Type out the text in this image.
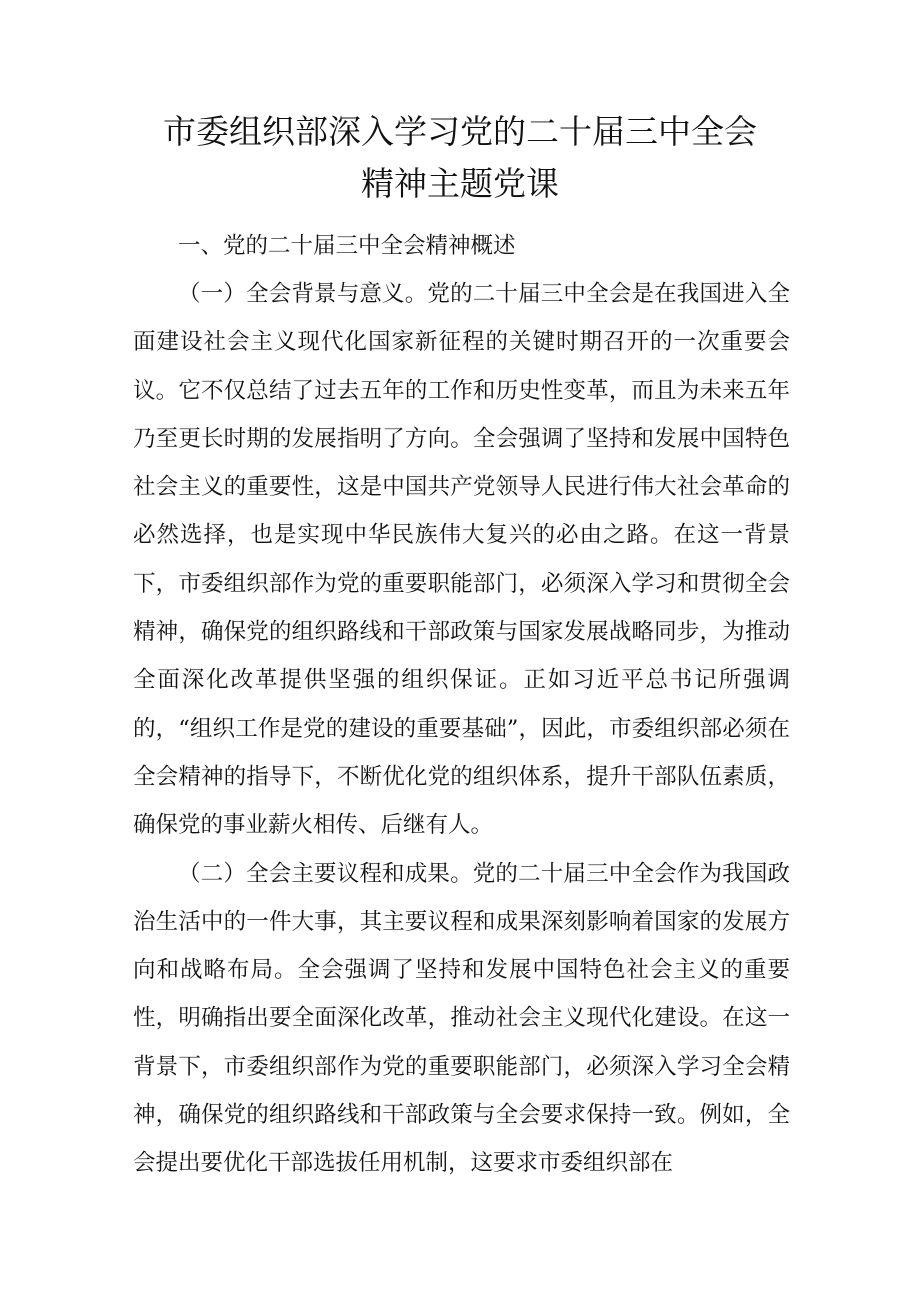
市委组织部深入学习党的二十届三中全会
精神主题党课

一、党的二十届三中全会精神概述

（一）全会背景与意义。党的二十届三中全会是在我国进入全面建设社会主义现代化国家新征程的关键时期召开的一次重要会议。它不仅总结了过去五年的工作和历史性变革，而且为未来五年乃至更长时期的发展指明了方向。全会强调了坚持和发展中国特色社会主义的重要性，这是中国共产党领导人民进行伟大社会革命的必然选择，也是实现中华民族伟大复兴的必由之路。在这一背景下，市委组织部作为党的重要职能部门，必须深入学习和贯彻全会精神，确保党的组织路线和干部政策与国家发展战略同步，为推动全面深化改革提供坚强的组织保证。正如习近平总书记所强调的，“组织工作是党的建设的重要基础”，因此，市委组织部必须在全会精神的指导下，不断优化党的组织体系，提升干部队伍素质，确保党的事业薪火相传、后继有人。

（二）全会主要议程和成果。党的二十届三中全会作为我国政治生活中的一件大事，其主要议程和成果深刻影响着国家的发展方向和战略布局。全会强调了坚持和发展中国特色社会主义的重要性，明确指出要全面深化改革，推动社会主义现代化建设。在这一背景下，市委组织部作为党的重要职能部门，必须深入学习全会精神，确保党的组织路线和干部政策与全会要求保持一致。例如，全会提出要优化干部选拔任用机制，这要求市委组织部在
